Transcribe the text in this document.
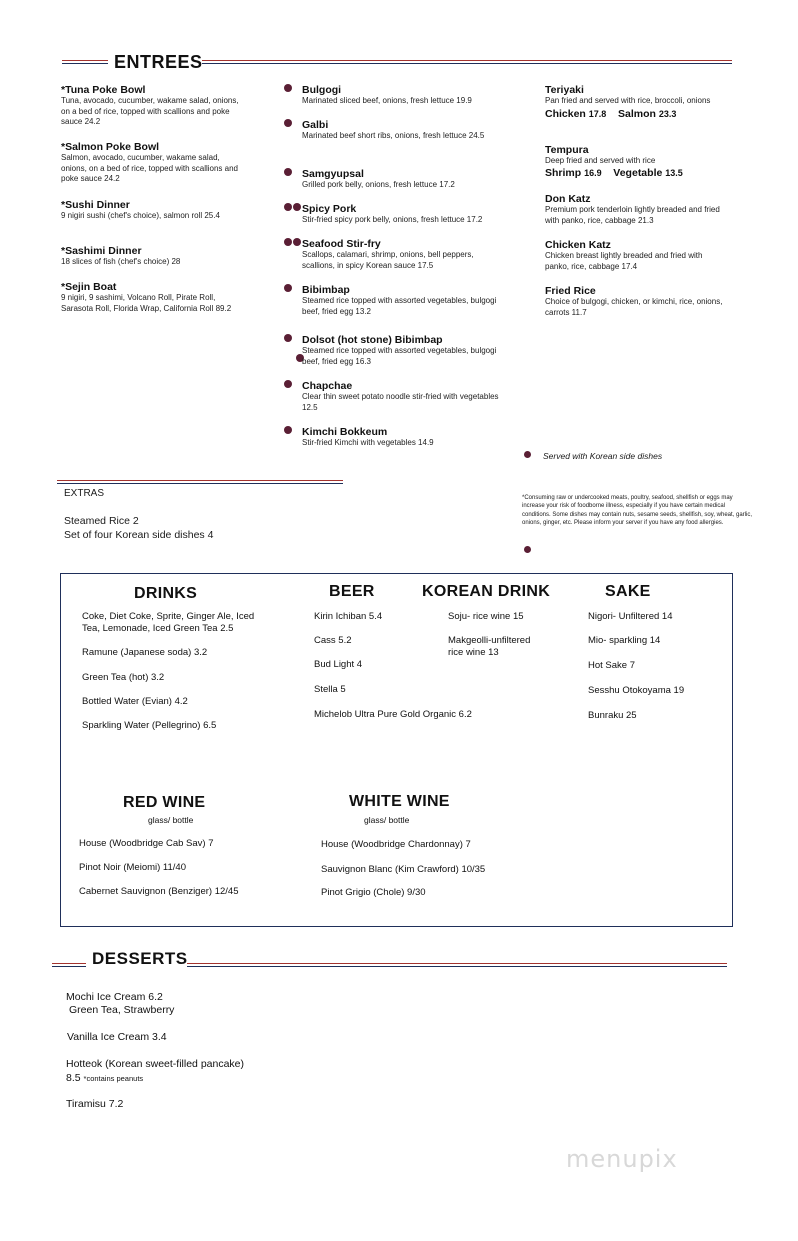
ENTREES
*Tuna Poke Bowl
Tuna, avocado, cucumber, wakame salad, onions, on a bed of rice, topped with scallions and poke sauce 24.2
*Salmon Poke Bowl
Salmon, avocado, cucumber, wakame salad, onions, on a bed of rice, topped with scallions and poke sauce 24.2
*Sushi Dinner
9 nigiri sushi (chef's choice), salmon roll 25.4
*Sashimi Dinner
18 slices of fish (chef's choice) 28
*Sejin Boat
9 nigiri, 9 sashimi, Volcano Roll, Pirate Roll, Sarasota Roll, Florida Wrap, California Roll 89.2
Bulgogi
Marinated sliced beef, onions, fresh lettuce 19.9
Galbi
Marinated beef short ribs, onions, fresh lettuce 24.5
Samgyupsal
Grilled pork belly, onions, fresh lettuce 17.2
Spicy Pork
Stir-fried spicy pork belly, onions, fresh lettuce 17.2
Seafood Stir-fry
Scallops, calamari, shrimp, onions, bell peppers, scallions, in spicy Korean sauce 17.5
Bibimbap
Steamed rice topped with assorted vegetables, bulgogi beef, fried egg 13.2
Dolsot (hot stone) Bibimbap
Steamed rice topped with assorted vegetables, bulgogi beef, fried egg 16.3
Chapchae
Clear thin sweet potato noodle stir-fried with vegetables 12.5
Kimchi Bokkeum
Stir-fried Kimchi with vegetables 14.9
Teriyaki
Pan fried and served with rice, broccoli, onions
Chicken 17.8 Salmon 23.3
Tempura
Deep fried and served with rice
Shrimp 16.9 Vegetable 13.5
Don Katz
Premium pork tenderloin lightly breaded and fried with panko, rice, cabbage 21.3
Chicken Katz
Chicken breast lightly breaded and fried with panko, rice, cabbage 17.4
Fried Rice
Choice of bulgogi, chicken, or kimchi, rice, onions, carrots 11.7
Served with Korean side dishes
EXTRAS
Steamed Rice 2
Set of four Korean side dishes 4
*Consuming raw or undercooked meats, poultry, seafood, shellfish or eggs may increase your risk of foodborne illness, especially if you have certain medical conditions. Some dishes may contain nuts, sesame seeds, shellfish, soy, wheat, garlic, onions, ginger, etc. Please inform your server if you have any food allergies.
DRINKS
Coke, Diet Coke, Sprite, Ginger Ale, Iced Tea, Lemonade, Iced Green Tea 2.5
Ramune (Japanese soda) 3.2
Green Tea (hot) 3.2
Bottled Water (Evian) 4.2
Sparkling Water (Pellegrino) 6.5
BEER
Kirin Ichiban 5.4
Cass 5.2
Bud Light 4
Stella 5
Michelob Ultra Pure Gold Organic 6.2
KOREAN DRINK
Soju- rice wine 15
Makgeolli-unfiltered rice wine 13
SAKE
Nigori- Unfiltered 14
Mio- sparkling 14
Hot Sake 7
Sesshu Otokoyama 19
Bunraku 25
RED WINE
glass/ bottle
House (Woodbridge Cab Sav) 7
Pinot Noir (Meiomi) 11/40
Cabernet Sauvignon (Benziger) 12/45
WHITE WINE
glass/ bottle
House (Woodbridge Chardonnay) 7
Sauvignon Blanc (Kim Crawford) 10/35
Pinot Grigio (Chole) 9/30
DESSERTS
Mochi Ice Cream 6.2
Green Tea, Strawberry
Vanilla Ice Cream 3.4
Hotteok (Korean sweet-filled pancake)
8.5 *contains peanuts
Tiramisu 7.2
menupix
